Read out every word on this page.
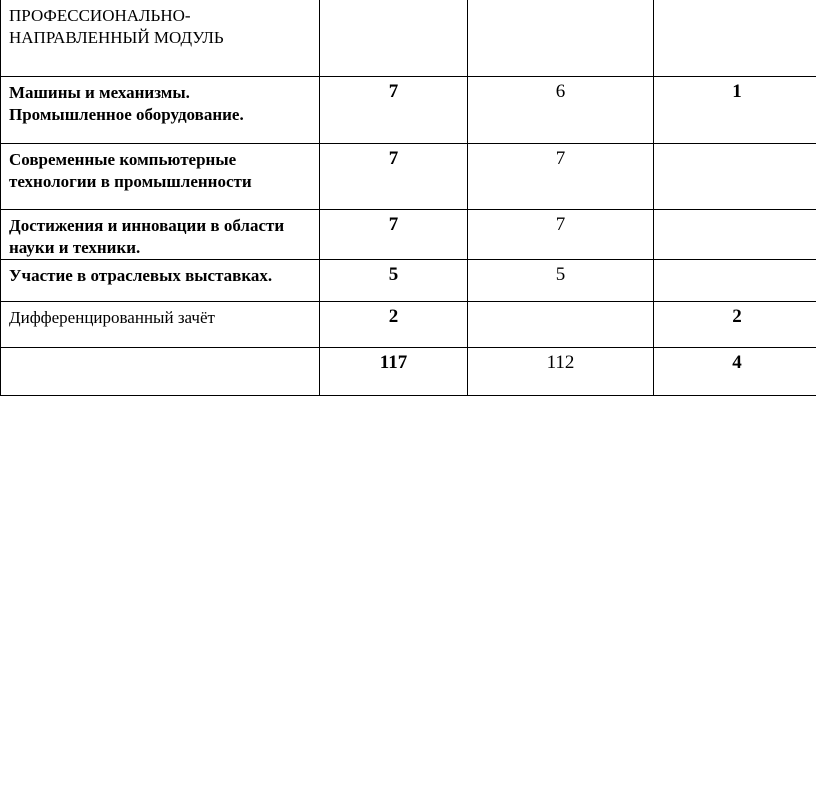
ПРОФЕССИОНАЛЬНО-НАПРАВЛЕННЫЙ МОДУЛЬ			
Машины и механизмы. Промышленное оборудование.	7	6	1
Современные компьютерные технологии в промышленности	7	7	
Достижения и инновации в области науки и техники.	7	7	
Участие в отраслевых выставках.	5	5	
Дифференцированный зачёт	2		2
	117	112	4
